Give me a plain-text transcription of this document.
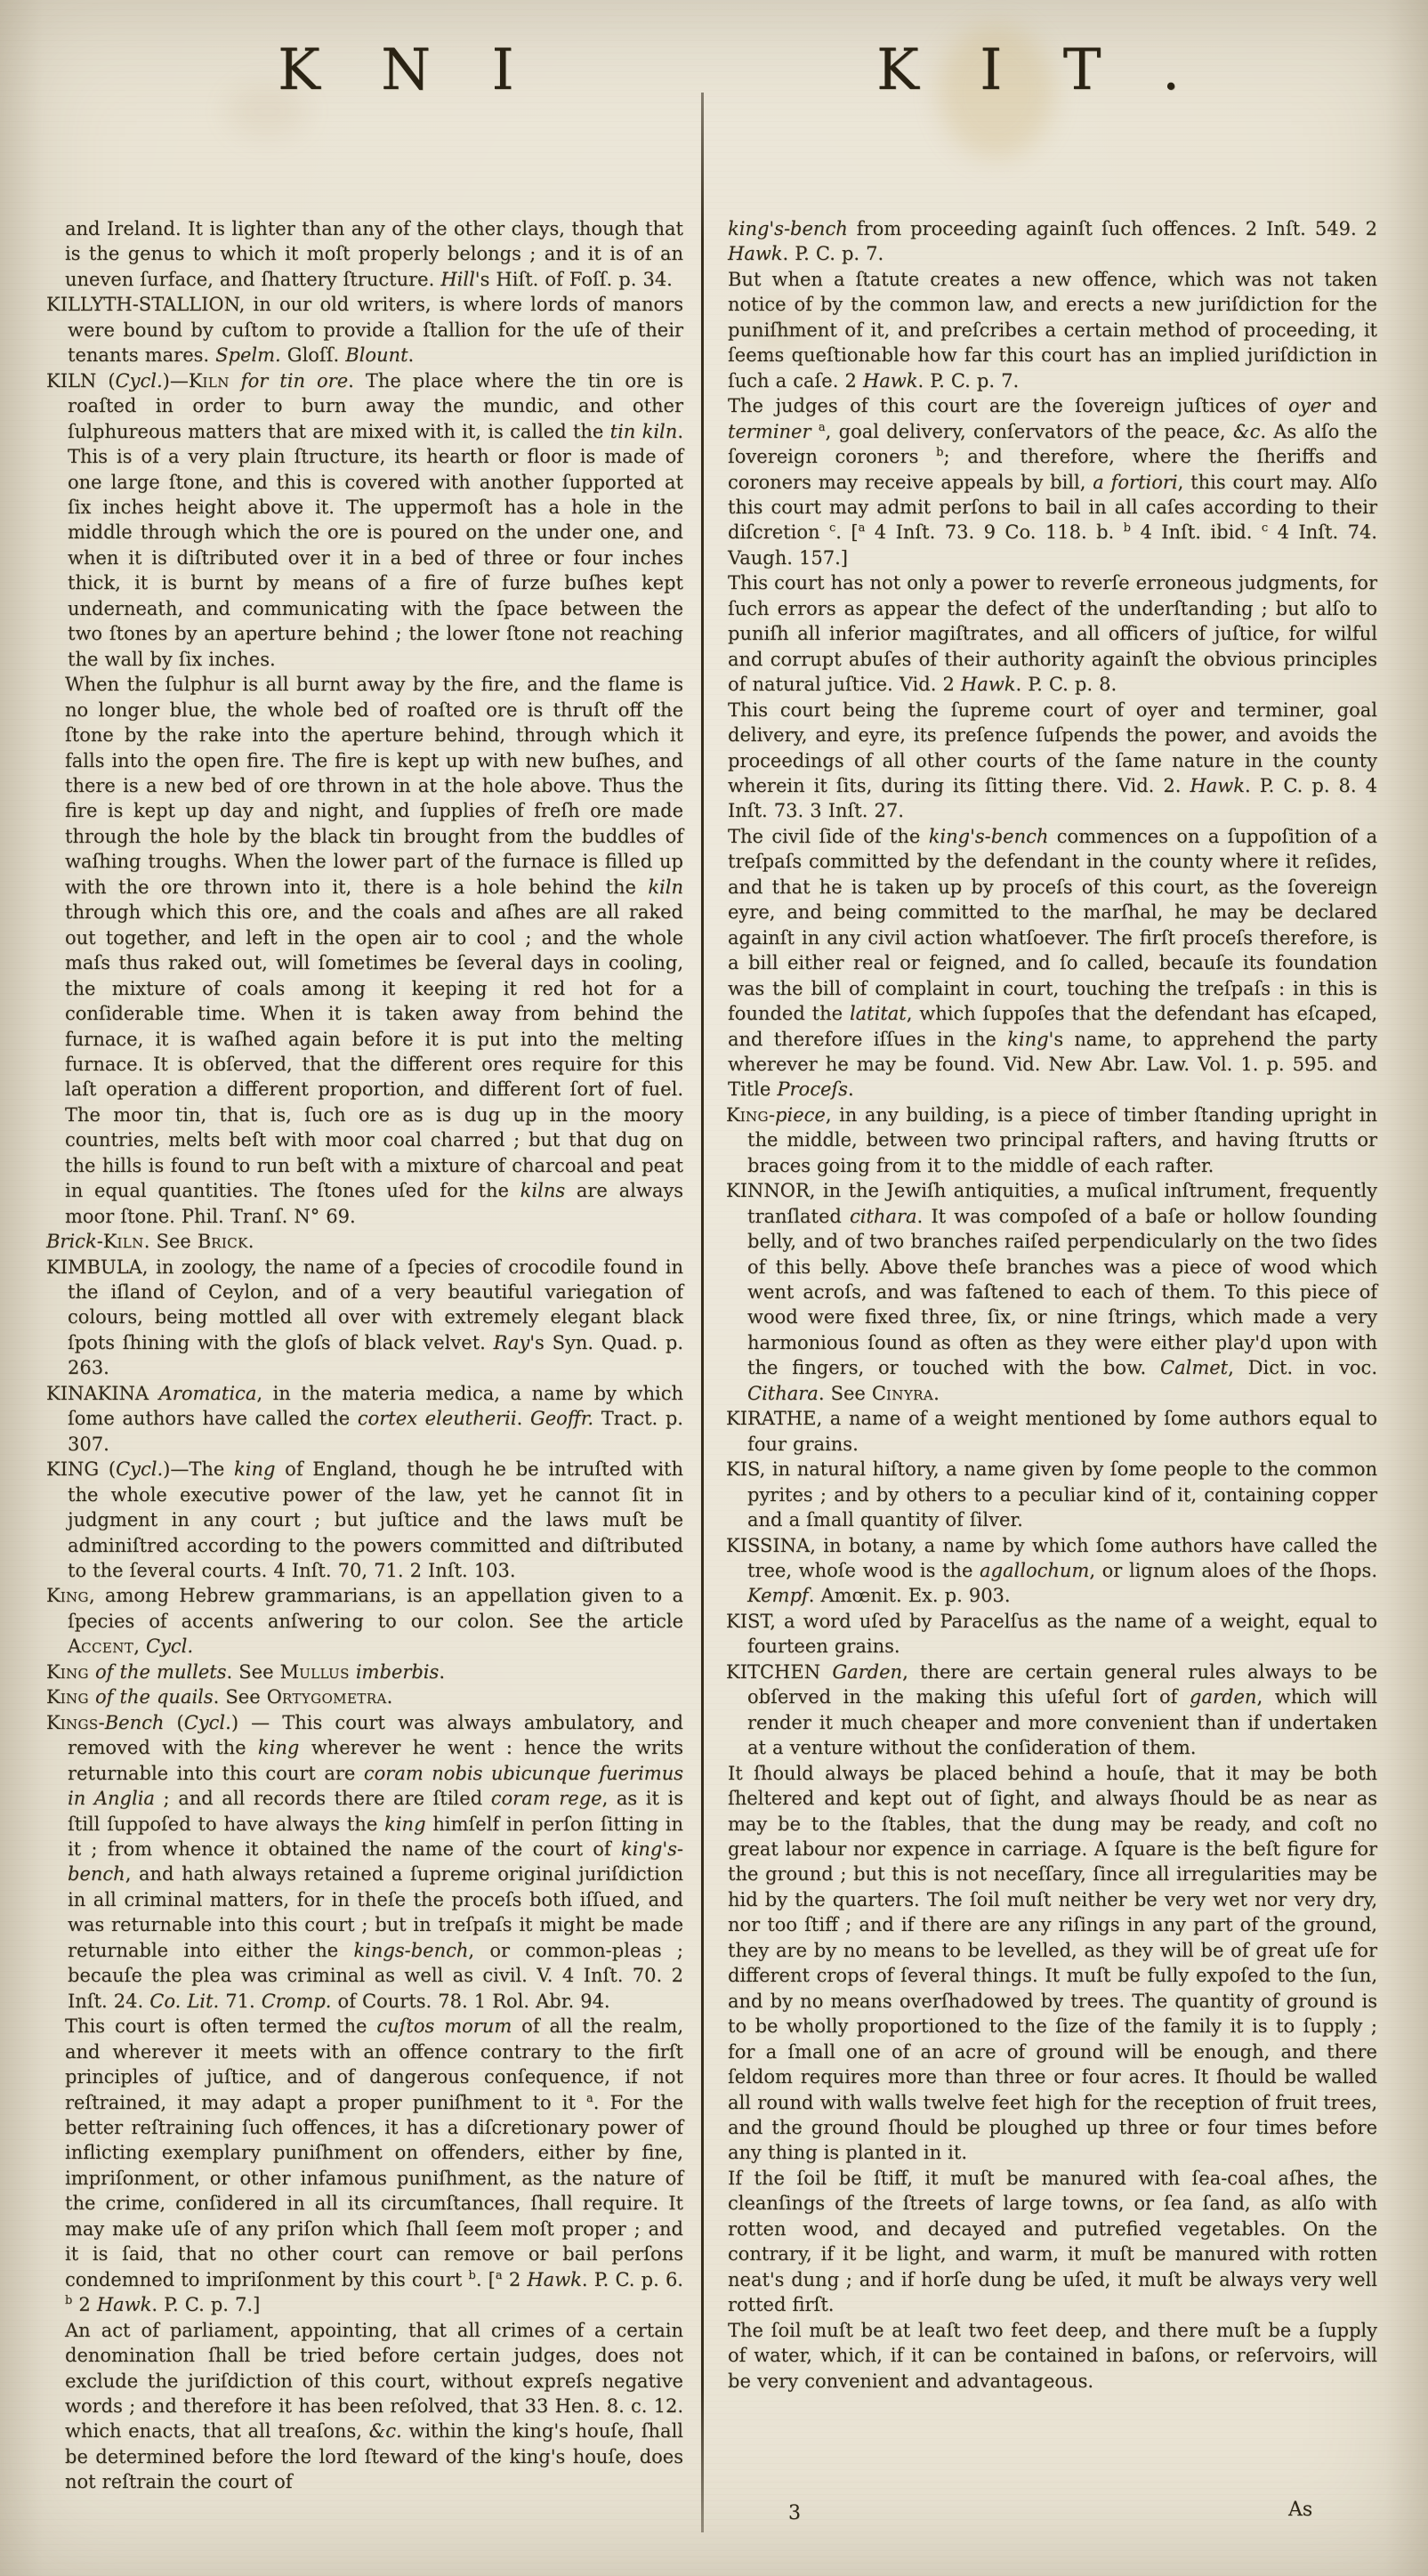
K N I	K I T .

and Ireland. It is lighter than any of the other clays, though that is the genus to which it moſt properly belongs ; and it is of an uneven ſurface, and ſhattery ſtructure. Hill's Hiſt. of Foſſ. p. 34.

KILLYTH-STALLION, in our old writers, is where lords of manors were bound by cuſtom to provide a ſtallion for the uſe of their tenants mares. Spelm. Gloſſ. Blount.

KILN (Cycl.)—Kiln for tin ore. The place where the tin ore is roaſted in order to burn away the mundic, and other ſulphureous matters that are mixed with it, is called the tin kiln. This is of a very plain ſtructure, its hearth or floor is made of one large ſtone, and this is covered with another ſupported at ſix inches height above it. The uppermoſt has a hole in the middle through which the ore is poured on the under one, and when it is diſtributed over it in a bed of three or four inches thick, it is burnt by means of a fire of furze buſhes kept underneath, and communicating with the ſpace between the two ſtones by an aperture behind ; the lower ſtone not reaching the wall by ſix inches.

When the ſulphur is all burnt away by the fire, and the flame is no longer blue, the whole bed of roaſted ore is thruſt off the ſtone by the rake into the aperture behind, through which it falls into the open fire. The fire is kept up with new buſhes, and there is a new bed of ore thrown in at the hole above. Thus the fire is kept up day and night, and ſupplies of freſh ore made through the hole by the black tin brought from the buddles of waſhing troughs. When the lower part of the furnace is filled up with the ore thrown into it, there is a hole behind the kiln through which this ore, and the coals and aſhes are all raked out together, and left in the open air to cool ; and the whole maſs thus raked out, will ſometimes be ſeveral days in cooling, the mixture of coals among it keeping it red hot for a conſiderable time. When it is taken away from behind the furnace, it is waſhed again before it is put into the melting furnace. It is obſerved, that the different ores require for this laſt operation a different proportion, and different ſort of fuel. The moor tin, that is, ſuch ore as is dug up in the moory countries, melts beſt with moor coal charred ; but that dug on the hills is found to run beſt with a mixture of charcoal and peat in equal quantities. The ſtones uſed for the kilns are always moor ſtone. Phil. Tranſ. N° 69.

Brick-Kiln. See Brick.

KIMBULA, in zoology, the name of a ſpecies of crocodile found in the iſland of Ceylon, and of a very beautiful variegation of colours, being mottled all over with extremely elegant black ſpots ſhining with the gloſs of black velvet. Ray's Syn. Quad. p. 263.

KINAKINA Aromatica, in the materia medica, a name by which ſome authors have called the cortex eleutherii. Geoffr. Tract. p. 307.

KING (Cycl.)—The king of England, though he be intruſted with the whole executive power of the law, yet he cannot ſit in judgment in any court ; but juſtice and the laws muſt be adminiſtred according to the powers committed and diſtributed to the ſeveral courts. 4 Inſt. 70, 71. 2 Inſt. 103.

King, among Hebrew grammarians, is an appellation given to a ſpecies of accents anſwering to our colon. See the article Accent, Cycl.

King of the mullets. See Mullus imberbis.

King of the quails. See Ortygometra.

Kings-Bench (Cycl.) — This court was always ambulatory, and removed with the king wherever he went : hence the writs returnable into this court are coram nobis ubicunque fuerimus in Anglia ; and all records there are ſtiled coram rege, as it is ſtill ſuppoſed to have always the king himſelf in perſon ſitting in it ; from whence it obtained the name of the court of king's-bench, and hath always retained a ſupreme original juriſdiction in all criminal matters, for in theſe the proceſs both iſſued, and was returnable into this court ; but in treſpaſs it might be made returnable into either the kings-bench, or common-pleas ; becauſe the plea was criminal as well as civil. V. 4 Inſt. 70. 2 Inſt. 24. Co. Lit. 71. Cromp. of Courts. 78. 1 Rol. Abr. 94.

This court is often termed the cuſtos morum of all the realm, and wherever it meets with an offence contrary to the firſt principles of juſtice, and of dangerous conſequence, if not reſtrained, it may adapt a proper puniſhment to it $^a$. For the better reſtraining ſuch offences, it has a diſcretionary power of inflicting exemplary puniſhment on offenders, either by fine, impriſonment, or other infamous puniſhment, as the nature of the crime, conſidered in all its circumſtances, ſhall require. It may make uſe of any priſon which ſhall ſeem moſt proper ; and it is ſaid, that no other court can remove or bail perſons condemned to impriſonment by this court $^b$. [$^a$ 2 Hawk. P. C. p. 6. $^b$ 2 Hawk. P. C. p. 7.]

An act of parliament, appointing, that all crimes of a certain denomination ſhall be tried before certain judges, does not exclude the juriſdiction of this court, without expreſs negative words ; and therefore it has been reſolved, that 33 Hen. 8. c. 12. which enacts, that all treaſons, &c. within the king's houſe, ſhall be determined before the lord ſteward of the king's houſe, does not reſtrain the court of

king's-bench from proceeding againſt ſuch offences. 2 Inſt. 549. 2 Hawk. P. C. p. 7.

But when a ſtatute creates a new offence, which was not taken notice of by the common law, and erects a new juriſdiction for the puniſhment of it, and preſcribes a certain method of proceeding, it ſeems queſtionable how far this court has an implied juriſdiction in ſuch a caſe. 2 Hawk. P. C. p. 7.

The judges of this court are the ſovereign juſtices of oyer and terminer $^a$, goal delivery, conſervators of the peace, &c. As alſo the ſovereign coroners $^b$; and therefore, where the ſheriffs and coroners may receive appeals by bill, a fortiori, this court may. Alſo this court may admit perſons to bail in all caſes according to their diſcretion $^c$. [$^a$ 4 Inſt. 73. 9 Co. 118. b. $^b$ 4 Inſt. ibid. $^c$ 4 Inſt. 74. Vaugh. 157.]

This court has not only a power to reverſe erroneous judgments, for ſuch errors as appear the defect of the underſtanding ; but alſo to puniſh all inferior magiſtrates, and all officers of juſtice, for wilful and corrupt abuſes of their authority againſt the obvious principles of natural juſtice. Vid. 2 Hawk. P. C. p. 8.

This court being the ſupreme court of oyer and terminer, goal delivery, and eyre, its preſence ſuſpends the power, and avoids the proceedings of all other courts of the ſame nature in the county wherein it ſits, during its ſitting there. Vid. 2. Hawk. P. C. p. 8. 4 Inſt. 73. 3 Inſt. 27.

The civil ſide of the king's-bench commences on a ſuppoſition of a treſpaſs committed by the defendant in the county where it reſides, and that he is taken up by proceſs of this court, as the ſovereign eyre, and being committed to the marſhal, he may be declared againſt in any civil action whatſoever. The firſt proceſs therefore, is a bill either real or feigned, and ſo called, becauſe its foundation was the bill of complaint in court, touching the treſpaſs : in this is founded the latitat, which ſuppoſes that the defendant has eſcaped, and therefore iſſues in the king's name, to apprehend the party wherever he may be found. Vid. New Abr. Law. Vol. 1. p. 595. and Title Proceſs.

King-piece, in any building, is a piece of timber ſtanding upright in the middle, between two principal rafters, and having ſtrutts or braces going from it to the middle of each rafter.

KINNOR, in the Jewiſh antiquities, a muſical inſtrument, frequently tranſlated cithara. It was compoſed of a baſe or hollow ſounding belly, and of two branches raiſed perpendicularly on the two ſides of this belly. Above theſe branches was a piece of wood which went acroſs, and was faſtened to each of them. To this piece of wood were fixed three, ſix, or nine ſtrings, which made a very harmonious ſound as often as they were either play'd upon with the fingers, or touched with the bow. Calmet, Dict. in voc. Cithara. See Cinyra.

KIRATHE, a name of a weight mentioned by ſome authors equal to four grains.

KIS, in natural hiſtory, a name given by ſome people to the common pyrites ; and by others to a peculiar kind of it, containing copper and a ſmall quantity of ſilver.

KISSINA, in botany, a name by which ſome authors have called the tree, whoſe wood is the agallochum, or lignum aloes of the ſhops. Kempf. Amœnit. Ex. p. 903.

KIST, a word uſed by Paracelſus as the name of a weight, equal to fourteen grains.

KITCHEN Garden, there are certain general rules always to be obſerved in the making this uſeful ſort of garden, which will render it much cheaper and more convenient than if undertaken at a venture without the conſideration of them.

It ſhould always be placed behind a houſe, that it may be both ſheltered and kept out of ſight, and always ſhould be as near as may be to the ſtables, that the dung may be ready, and coſt no great labour nor expence in carriage. A ſquare is the beſt figure for the ground ; but this is not neceſſary, ſince all irregularities may be hid by the quarters. The ſoil muſt neither be very wet nor very dry, nor too ſtiff ; and if there are any riſings in any part of the ground, they are by no means to be levelled, as they will be of great uſe for different crops of ſeveral things. It muſt be fully expoſed to the ſun, and by no means overſhadowed by trees. The quantity of ground is to be wholly proportioned to the ſize of the family it is to ſupply ; for a ſmall one of an acre of ground will be enough, and there ſeldom requires more than three or four acres. It ſhould be walled all round with walls twelve feet high for the reception of fruit trees, and the ground ſhould be ploughed up three or four times before any thing is planted in it.

If the ſoil be ſtiff, it muſt be manured with ſea-coal aſhes, the cleanſings of the ſtreets of large towns, or ſea ſand, as alſo with rotten wood, and decayed and putrefied vegetables. On the contrary, if it be light, and warm, it muſt be manured with rotten neat's dung ; and if horſe dung be uſed, it muſt be always very well rotted firſt.

The ſoil muſt be at leaſt two feet deep, and there muſt be a ſupply of water, which, if it can be contained in baſons, or reſervoirs, will be very convenient and advantageous.

3	As
